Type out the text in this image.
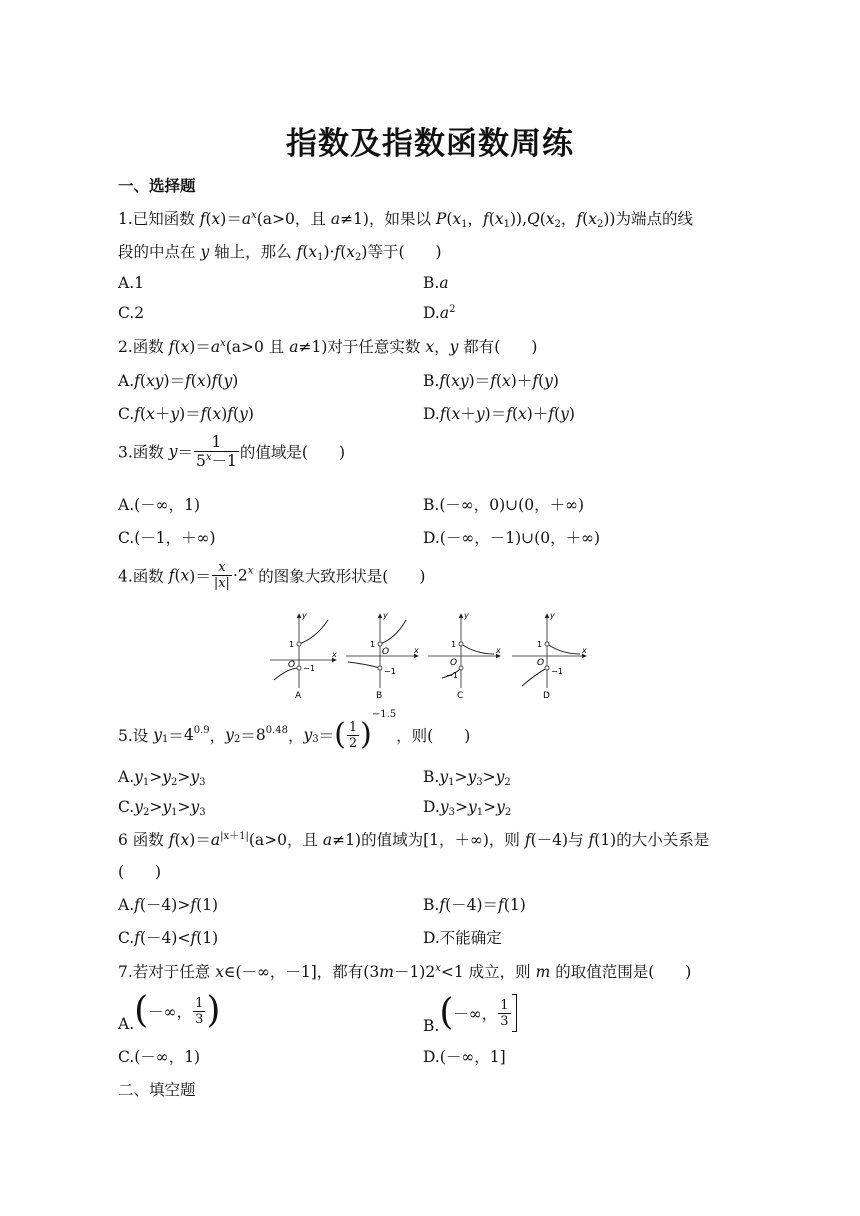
指数及指数函数周练
一、选择题
1.已知函数 $f(x)=a^x(a>0$，且 a≠1)，如果以 $P(x_1$，$f(x_1)),Q(x_2$，$f(x_2)$)为端点的线
段的中点在 y 轴上，那么 $f(x_1)\cdot f(x_2)$等于(　　)
A.1	B.a
C.2	$D.a^2$
2.函数 $f(x)=a^x(a>0$ 且 a≠1)对于任意实数 x，y 都有(　　)
A.f(xy)＝f(x)f(y)	B.f(xy)＝f(x)＋f(y)
C.f(x＋y)＝f(x)f(y)	D.f(x＋y)＝f(x)＋f(y)
3.函数 $y= \frac{1}{5^x-1}$ 的值域是(　　)
A.(－∞，1)	B.(－∞，0)∪(0，＋∞)
C.(－1，＋∞)	D.(－∞，－1)∪(0，＋∞)
4.函数 $f(x)= \frac{x}{|x|} \cdot 2^x$ 的图象大致形状是(　　)
y
x
1
O −1
A
y
x
1
O
−1
B
y
x
1
O
−1
C
y
x
1
O
−1
D
5.设 $y_1=4^{0.9}$，$y_2=8^{0.48}$，$y_3=( \frac{1}{2} )^{-1.5}$，则(　　)
$A.y_1>y_2>y_3$	$B.y_1>y_3>y_2$
$C.y_2>y_1>y_3$	$D.y_3>y_1>y_2$
6 函数 $f(x)=a^{|x+1|}(a>0$，且 a≠1)的值域为[1，＋∞)，则 f(－4)与 f(1)的大小关系是
(　　)
A.f(－4)>f(1)	B.f(－4)＝f(1)
C.f(－4)<f(1)	D.不能确定
7.若对于任意 x∈(－∞，－1]，都有$(3m-1)2^x<1$ 成立，则 m 的取值范围是(　　)
A.(－∞， $\frac{1}{3}$ )	B.(－∞， $\frac{1}{3}$
C.(－∞，1)	D.(－∞，1]
二、填空题
